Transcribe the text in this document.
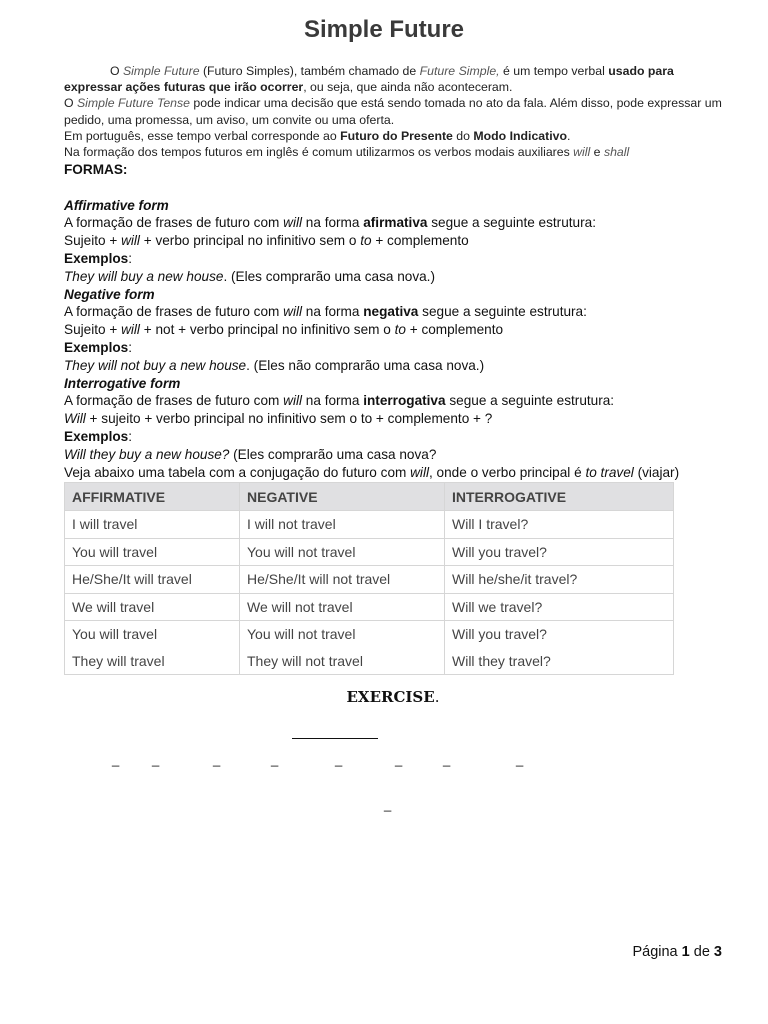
Simple Future

O Simple Future (Futuro Simples), também chamado de Future Simple, é um tempo verbal usado para expressar ações futuras que irão ocorrer, ou seja, que ainda não aconteceram.

O Simple Future Tense pode indicar uma decisão que está sendo tomada no ato da fala. Além disso, pode expressar um pedido, uma promessa, um aviso, um convite ou uma oferta.

Em português, esse tempo verbal corresponde ao Futuro do Presente do Modo Indicativo.

Na formação dos tempos futuros em inglês é comum utilizarmos os verbos modais auxiliares will e shall

FORMAS:

Affirmative form

A formação de frases de futuro com will na forma afirmativa segue a seguinte estrutura:

Sujeito + will + verbo principal no infinitivo sem o to + complemento

Exemplos:

They will buy a new house. (Eles comprarão uma casa nova.)

Negative form

A formação de frases de futuro com will na forma negativa segue a seguinte estrutura:

Sujeito + will + not + verbo principal no infinitivo sem o to + complemento

Exemplos:

They will not buy a new house. (Eles não comprarão uma casa nova.)

Interrogative form

A formação de frases de futuro com will na forma interrogativa segue a seguinte estrutura:

Will + sujeito + verbo principal no infinitivo sem o to + complemento + ?

Exemplos:

Will they buy a new house? (Eles comprarão uma casa nova?

Veja abaixo uma tabela com a conjugação do futuro com will, onde o verbo principal é to travel (viajar)

AFFIRMATIVE	NEGATIVE	INTERROGATIVE
I will travel	I will not travel	Will I travel?
You will travel	You will not travel	Will you travel?
He/She/It will travel	He/She/It will not travel	Will he/she/it travel?
We will travel	We will not travel	Will we travel?
You will travel	You will not travel	Will you travel?
They will travel	They will not travel	Will they travel?
EXERCISE.
_	_	_	_	_	_	_	_
_
Página 1 de 3
